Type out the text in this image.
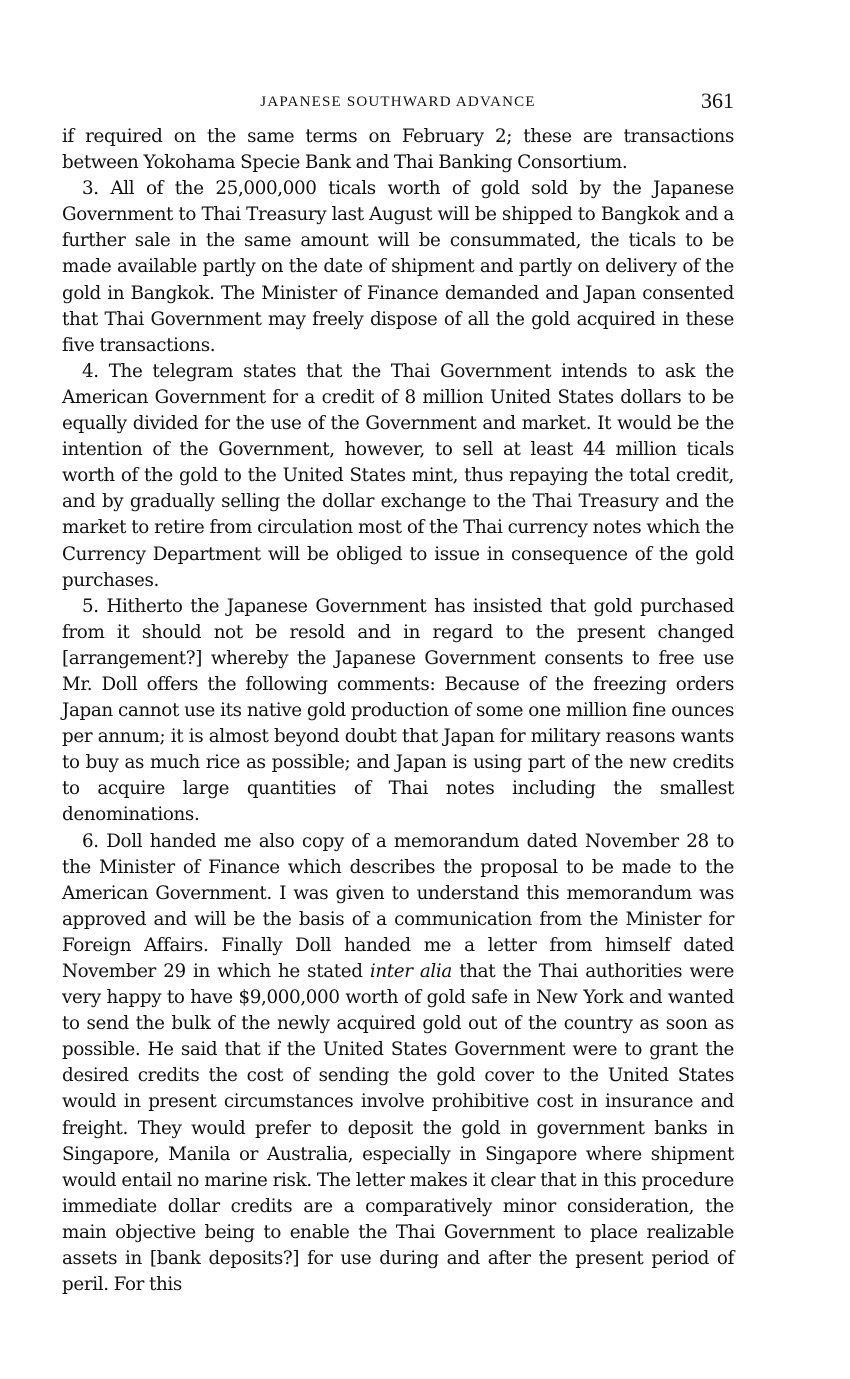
JAPANESE SOUTHWARD ADVANCE	361

if required on the same terms on February 2; these are transactions between Yokohama Specie Bank and Thai Banking Consortium.

3. All of the 25,000,000 ticals worth of gold sold by the Japanese Government to Thai Treasury last August will be shipped to Bangkok and a further sale in the same amount will be consummated, the ticals to be made available partly on the date of shipment and partly on delivery of the gold in Bangkok. The Minister of Finance demanded and Japan consented that Thai Government may freely dispose of all the gold acquired in these five transactions.

4. The telegram states that the Thai Government intends to ask the American Government for a credit of 8 million United States dollars to be equally divided for the use of the Government and market. It would be the intention of the Government, however, to sell at least 44 million ticals worth of the gold to the United States mint, thus repaying the total credit, and by gradually selling the dollar exchange to the Thai Treasury and the market to retire from circulation most of the Thai currency notes which the Currency Department will be obliged to issue in consequence of the gold purchases.

5. Hitherto the Japanese Government has insisted that gold purchased from it should not be resold and in regard to the present changed [arrangement?] whereby the Japanese Government consents to free use Mr. Doll offers the following comments: Because of the freezing orders Japan cannot use its native gold production of some one million fine ounces per annum; it is almost beyond doubt that Japan for military reasons wants to buy as much rice as possible; and Japan is using part of the new credits to acquire large quantities of Thai notes including the smallest denominations.

6. Doll handed me also copy of a memorandum dated November 28 to the Minister of Finance which describes the proposal to be made to the American Government. I was given to understand this memorandum was approved and will be the basis of a communication from the Minister for Foreign Affairs. Finally Doll handed me a letter from himself dated November 29 in which he stated inter alia that the Thai authorities were very happy to have $9,000,000 worth of gold safe in New York and wanted to send the bulk of the newly acquired gold out of the country as soon as possible. He said that if the United States Government were to grant the desired credits the cost of sending the gold cover to the United States would in present circumstances involve prohibitive cost in insurance and freight. They would prefer to deposit the gold in government banks in Singapore, Manila or Australia, especially in Singapore where shipment would entail no marine risk. The letter makes it clear that in this procedure immediate dollar credits are a comparatively minor consideration, the main objective being to enable the Thai Government to place realizable assets in [bank deposits?] for use during and after the present period of peril. For this
